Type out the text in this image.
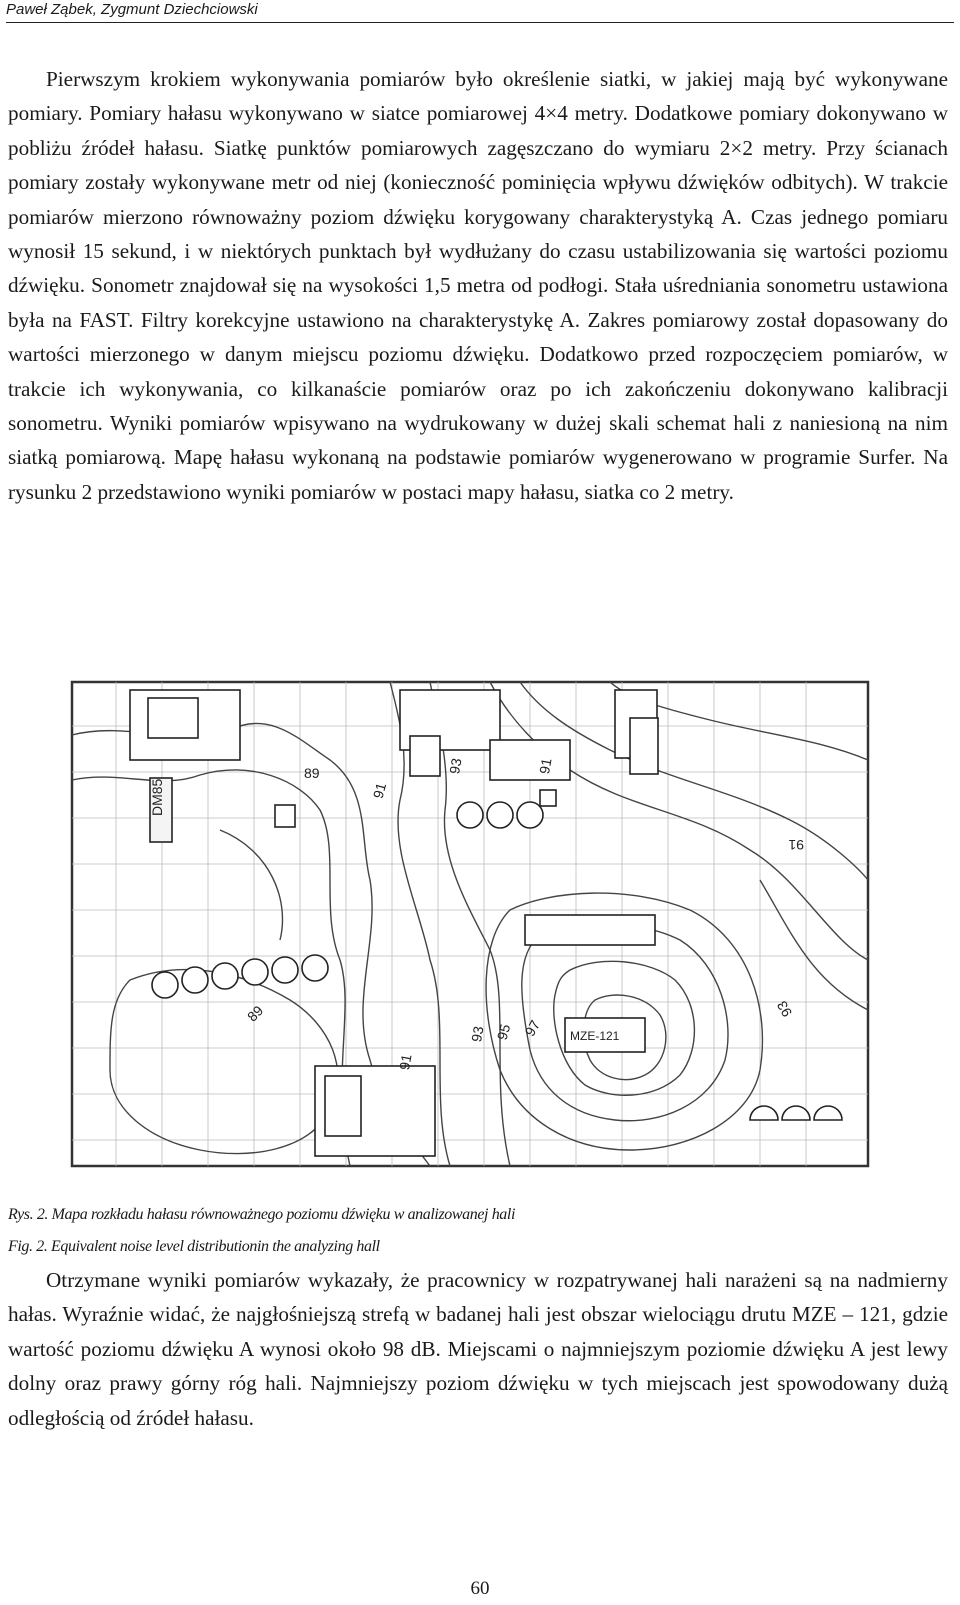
Paweł Ząbek, Zygmunt Dziechciowski

Pierwszym krokiem wykonywania pomiarów było określenie siatki, w jakiej mają być wykonywane pomiary. Pomiary hałasu wykonywano w siatce pomiarowej 4×4 metry. Dodatkowe pomiary dokonywano w pobliżu źródeł hałasu. Siatkę punktów pomiarowych zagęszczano do wymiaru 2×2 metry. Przy ścianach pomiary zostały wykonywane metr od niej (konieczność pominięcia wpływu dźwięków odbitych). W trakcie pomiarów mierzono równoważny poziom dźwięku korygowany charakterystyką A. Czas jednego pomiaru wynosił 15 sekund, i w niektórych punktach był wydłużany do czasu ustabilizowania się wartości poziomu dźwięku. Sonometr znajdował się na wysokości 1,5 metra od podłogi. Stała uśredniania sonometru ustawiona była na FAST. Filtry korekcyjne ustawiono na charakterystykę A. Zakres pomiarowy został dopasowany do wartości mierzonego w danym miejscu poziomu dźwięku. Dodatkowo przed rozpoczęciem pomiarów, w trakcie ich wykonywania, co kilkanaście pomiarów oraz po ich zakończeniu dokonywano kalibracji sonometru. Wyniki pomiarów wpisywano na wydrukowany w dużej skali schemat hali z naniesioną na nim siatką pomiarową. Mapę hałasu wykonaną na podstawie pomiarów wygenerowano w programie Surfer. Na rysunku 2 przedstawiono wyniki pomiarów w postaci mapy hałasu, siatka co 2 metry.

DM85
89
91
93	91
91
89
93
93
95 97
91
MZE-121
Rys. 2. Mapa rozkładu hałasu równoważnego poziomu dźwięku w analizowanej hali
Fig. 2. Equivalent noise level distributionin the analyzing hall

Otrzymane wyniki pomiarów wykazały, że pracownicy w rozpatrywanej hali narażeni są na nadmierny hałas. Wyraźnie widać, że najgłośniejszą strefą w badanej hali jest obszar wielociągu drutu MZE – 121, gdzie wartość poziomu dźwięku A wynosi około 98 dB. Miejscami o najmniejszym poziomie dźwięku A jest lewy dolny oraz prawy górny róg hali. Najmniejszy poziom dźwięku w tych miejscach jest spowodowany dużą odległością od źródeł hałasu.

60
